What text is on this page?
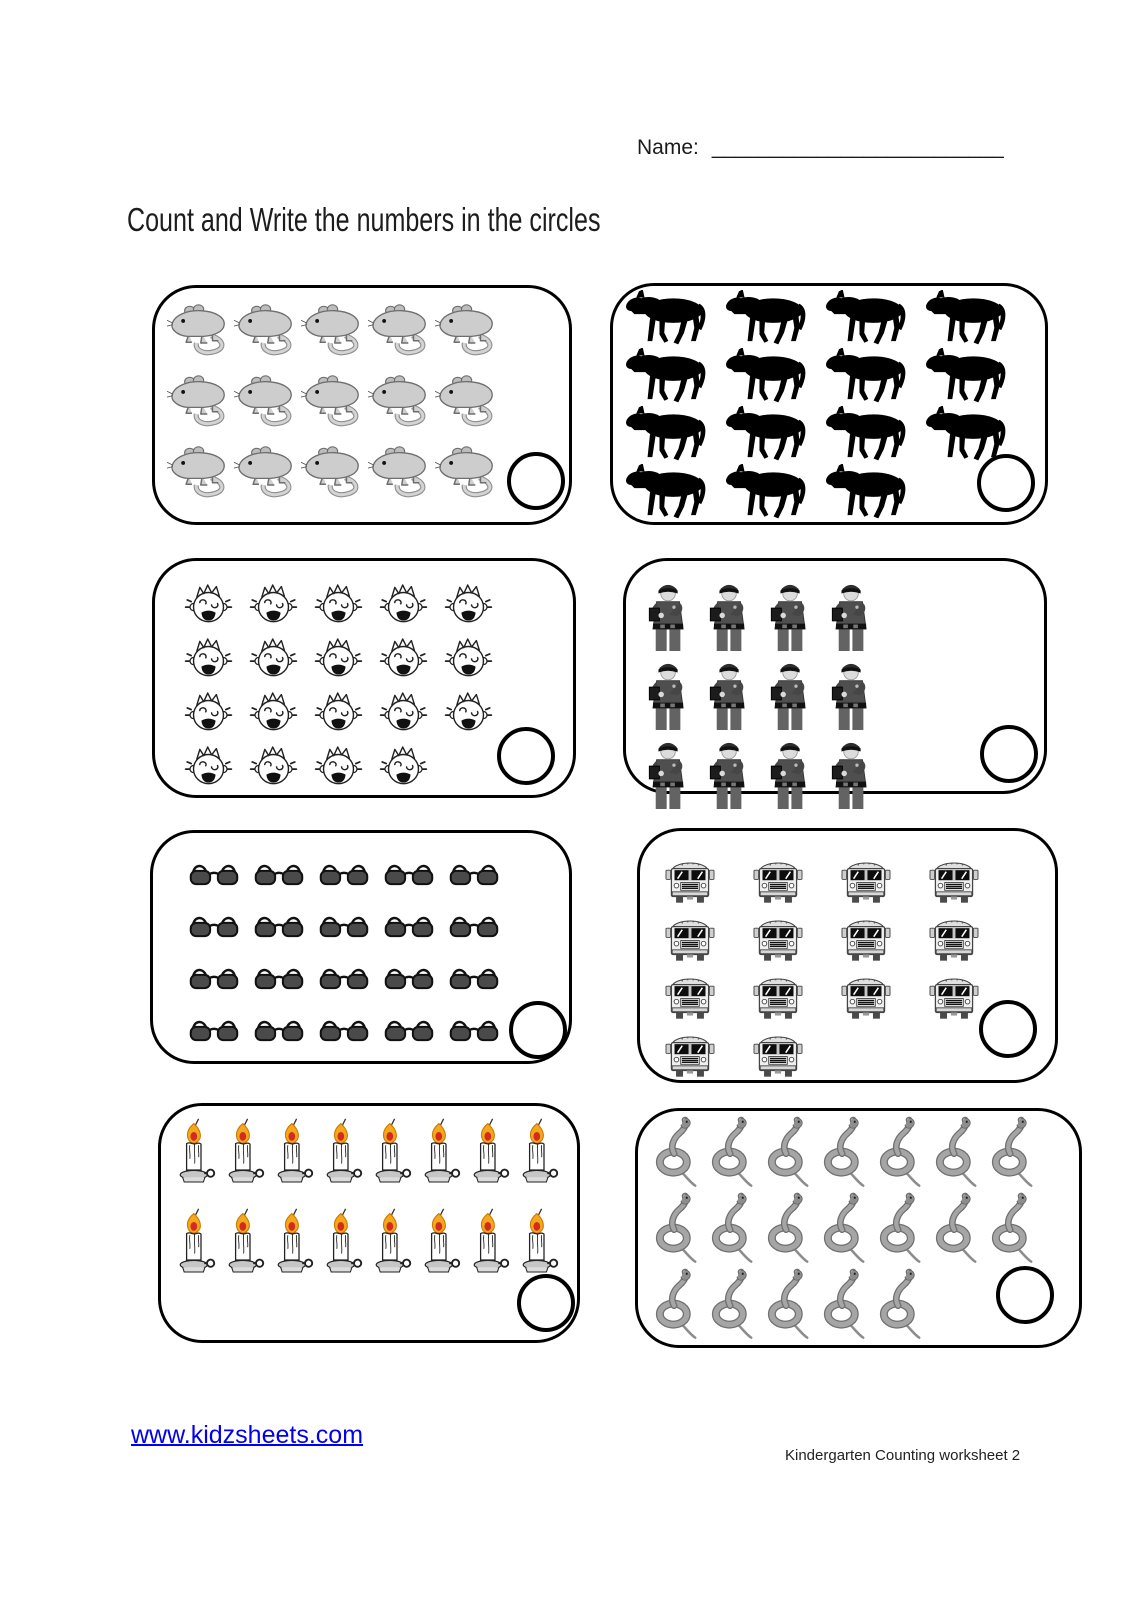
Name: _________________________
Count and Write the numbers in the circles
www.kidzsheets.com
Kindergarten Counting worksheet 2
